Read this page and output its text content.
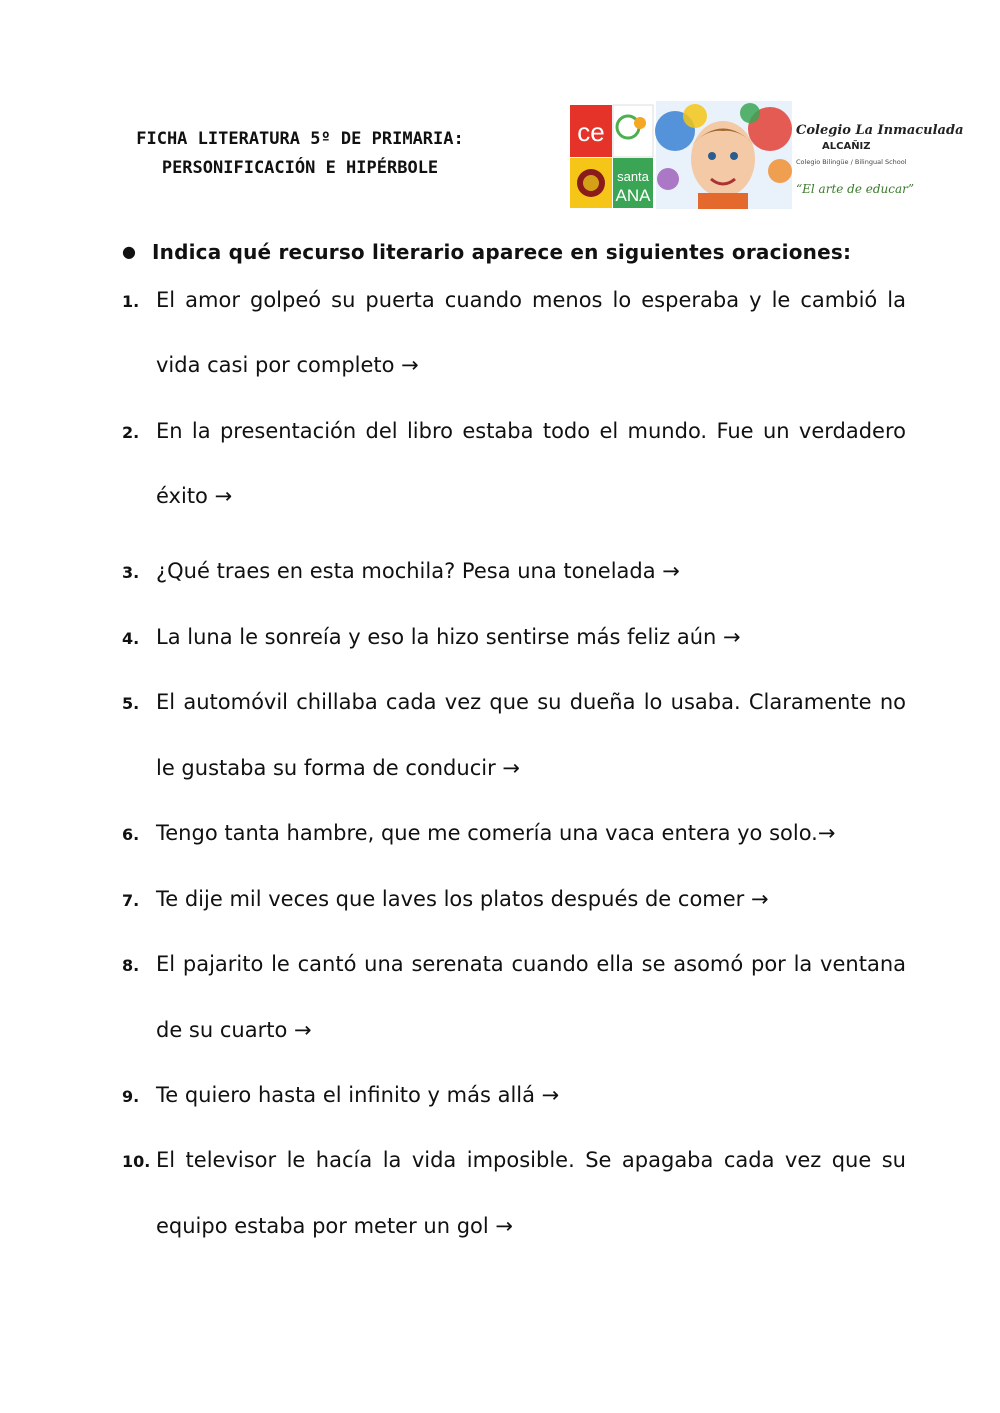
FICHA LITERATURA 5º DE PRIMARIA:
PERSONIFICACIÓN E HIPÉRBOLE
ce
santa
ANA
Colegio La Inmaculada
ALCAÑIZ
Colegio Bilingüe / Bilingual School
“El arte de educar”
● Indica qué recurso literario aparece en siguientes oraciones:
1. El amor golpeó su puerta cuando menos lo esperaba y le cambió la
vida casi por completo →
2. En la presentación del libro estaba todo el mundo. Fue un verdadero
éxito →
3. ¿Qué traes en esta mochila? Pesa una tonelada →
4. La luna le sonreía y eso la hizo sentirse más feliz aún →
5. El automóvil chillaba cada vez que su dueña lo usaba. Claramente no
le gustaba su forma de conducir →
6. Tengo tanta hambre, que me comería una vaca entera yo solo.→
7. Te dije mil veces que laves los platos después de comer →
8. El pajarito le cantó una serenata cuando ella se asomó por la ventana
de su cuarto →
9. Te quiero hasta el infinito y más allá →
10. El televisor le hacía la vida imposible. Se apagaba cada vez que su
equipo estaba por meter un gol →
